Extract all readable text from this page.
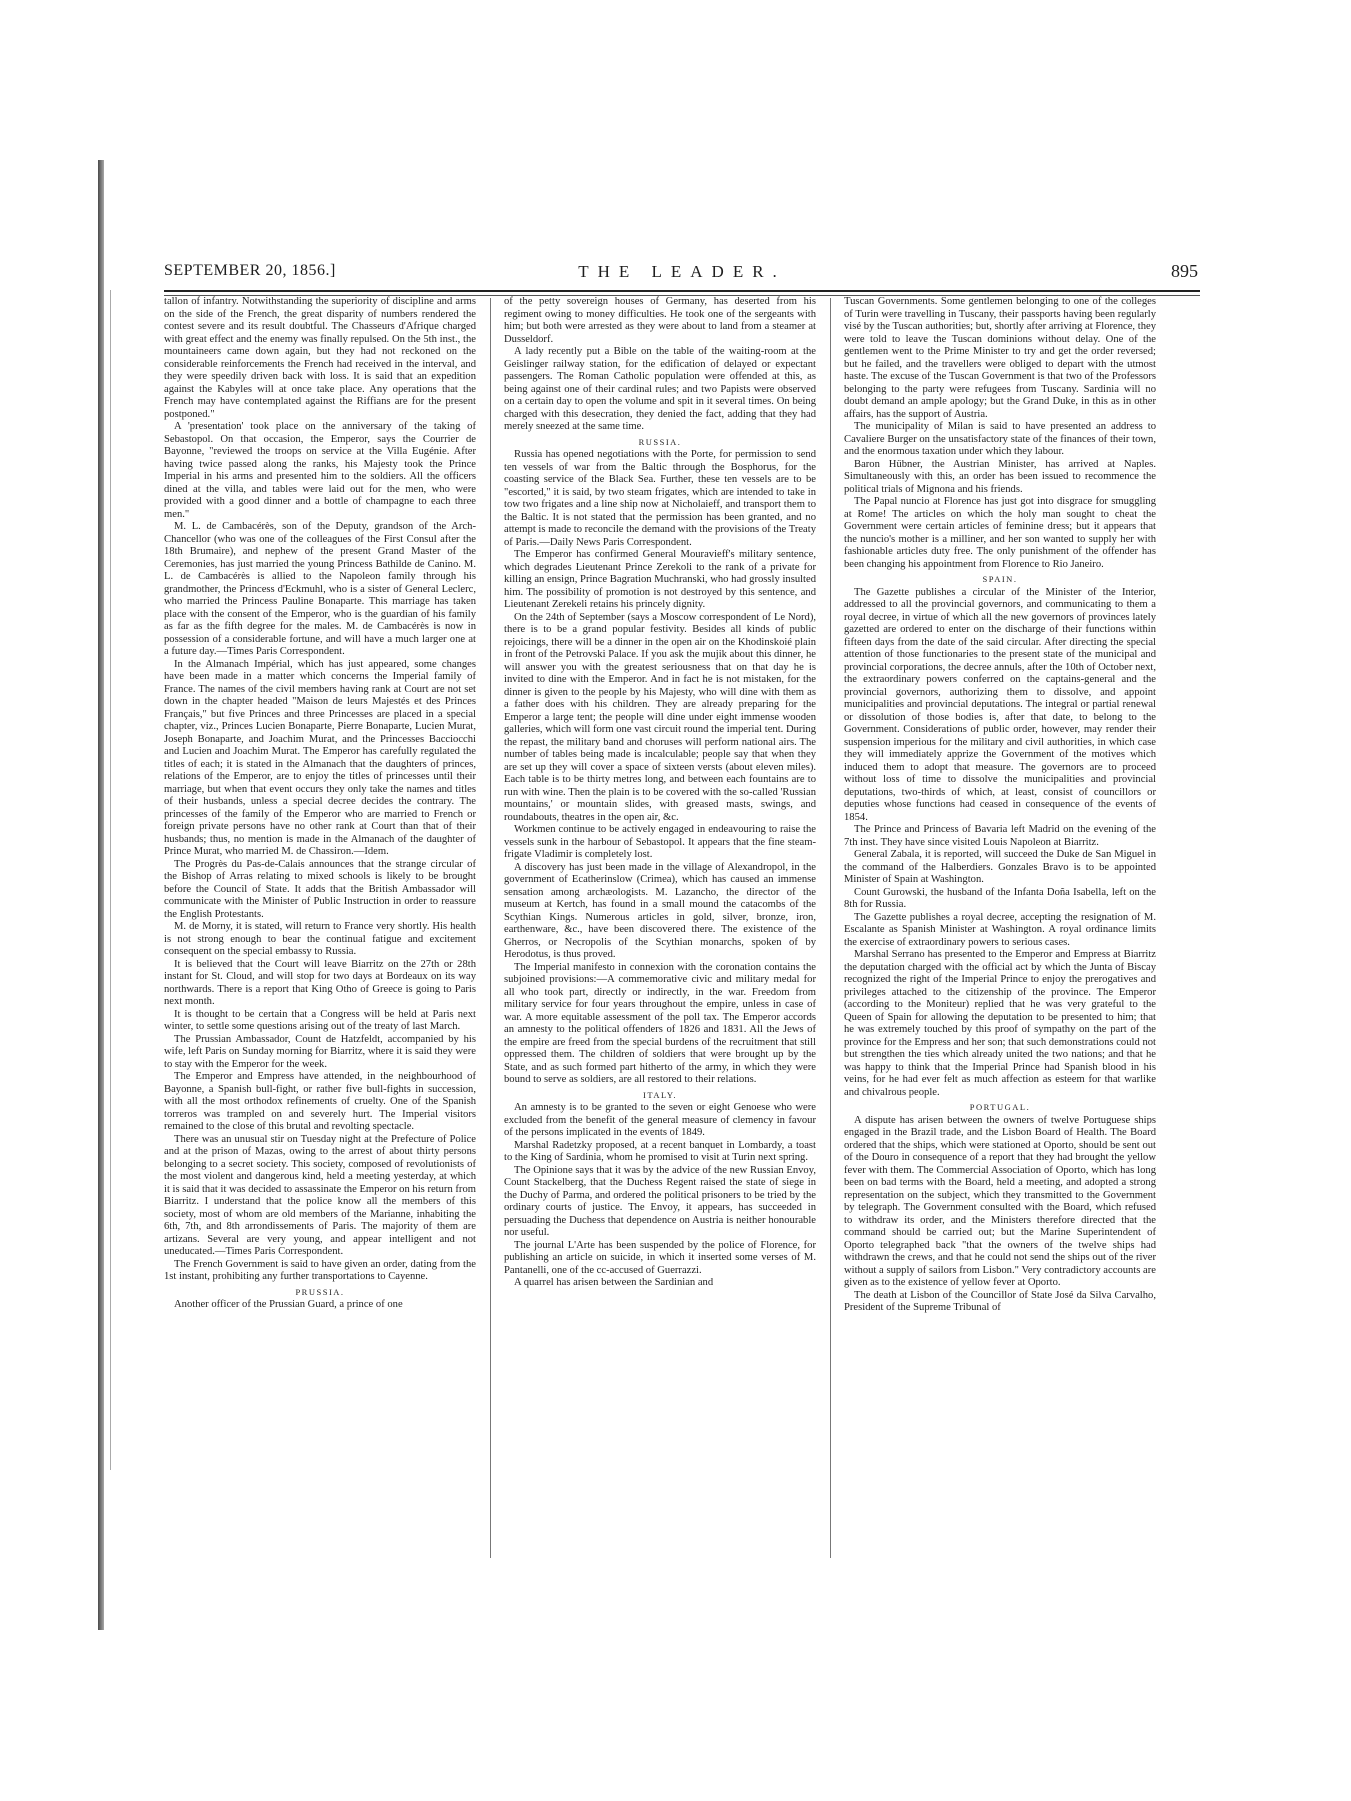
SEPTEMBER 20, 1856.]	THE LEADER.	895

tallon of infantry. Notwithstanding the superiority of discipline and arms on the side of the French, the great disparity of numbers rendered the contest severe and its result doubtful. The Chasseurs d'Afrique charged with great effect and the enemy was finally repulsed. On the 5th inst., the mountaineers came down again, but they had not reckoned on the considerable reinforcements the French had received in the interval, and they were speedily driven back with loss. It is said that an expedition against the Kabyles will at once take place. Any operations that the French may have contemplated against the Riffians are for the present postponed."

A 'presentation' took place on the anniversary of the taking of Sebastopol. On that occasion, the Emperor, says the Courrier de Bayonne, "reviewed the troops on service at the Villa Eugénie. After having twice passed along the ranks, his Majesty took the Prince Imperial in his arms and presented him to the soldiers. All the officers dined at the villa, and tables were laid out for the men, who were provided with a good dinner and a bottle of champagne to each three men."

M. L. de Cambacérès, son of the Deputy, grandson of the Arch-Chancellor (who was one of the colleagues of the First Consul after the 18th Brumaire), and nephew of the present Grand Master of the Ceremonies, has just married the young Princess Bathilde de Canino. M. L. de Cambacérès is allied to the Napoleon family through his grandmother, the Princess d'Eckmuhl, who is a sister of General Leclerc, who married the Princess Pauline Bonaparte. This marriage has taken place with the consent of the Emperor, who is the guardian of his family as far as the fifth degree for the males. M. de Cambacérès is now in possession of a considerable fortune, and will have a much larger one at a future day.—Times Paris Correspondent.

In the Almanach Impérial, which has just appeared, some changes have been made in a matter which concerns the Imperial family of France. The names of the civil members having rank at Court are not set down in the chapter headed "Maison de leurs Majestés et des Princes Français," but five Princes and three Princesses are placed in a special chapter, viz., Princes Lucien Bonaparte, Pierre Bonaparte, Lucien Murat, Joseph Bonaparte, and Joachim Murat, and the Princesses Bacciocchi and Lucien and Joachim Murat. The Emperor has carefully regulated the titles of each; it is stated in the Almanach that the daughters of princes, relations of the Emperor, are to enjoy the titles of princesses until their marriage, but when that event occurs they only take the names and titles of their husbands, unless a special decree decides the contrary. The princesses of the family of the Emperor who are married to French or foreign private persons have no other rank at Court than that of their husbands; thus, no mention is made in the Almanach of the daughter of Prince Murat, who married M. de Chassiron.—Idem.

The Progrès du Pas-de-Calais announces that the strange circular of the Bishop of Arras relating to mixed schools is likely to be brought before the Council of State. It adds that the British Ambassador will communicate with the Minister of Public Instruction in order to reassure the English Protestants.

M. de Morny, it is stated, will return to France very shortly. His health is not strong enough to bear the continual fatigue and excitement consequent on the special embassy to Russia.

It is believed that the Court will leave Biarritz on the 27th or 28th instant for St. Cloud, and will stop for two days at Bordeaux on its way northwards. There is a report that King Otho of Greece is going to Paris next month.

It is thought to be certain that a Congress will be held at Paris next winter, to settle some questions arising out of the treaty of last March.

The Prussian Ambassador, Count de Hatzfeldt, accompanied by his wife, left Paris on Sunday morning for Biarritz, where it is said they were to stay with the Emperor for the week.

The Emperor and Empress have attended, in the neighbourhood of Bayonne, a Spanish bull-fight, or rather five bull-fights in succession, with all the most orthodox refinements of cruelty. One of the Spanish torreros was trampled on and severely hurt. The Imperial visitors remained to the close of this brutal and revolting spectacle.

There was an unusual stir on Tuesday night at the Prefecture of Police and at the prison of Mazas, owing to the arrest of about thirty persons belonging to a secret society. This society, composed of revolutionists of the most violent and dangerous kind, held a meeting yesterday, at which it is said that it was decided to assassinate the Emperor on his return from Biarritz. I understand that the police know all the members of this society, most of whom are old members of the Marianne, inhabiting the 6th, 7th, and 8th arrondissements of Paris. The majority of them are artizans. Several are very young, and appear intelligent and not uneducated.—Times Paris Correspondent.

The French Government is said to have given an order, dating from the 1st instant, prohibiting any further transportations to Cayenne.

PRUSSIA.

Another officer of the Prussian Guard, a prince of one

of the petty sovereign houses of Germany, has deserted from his regiment owing to money difficulties. He took one of the sergeants with him; but both were arrested as they were about to land from a steamer at Dusseldorf.

A lady recently put a Bible on the table of the waiting-room at the Geislinger railway station, for the edification of delayed or expectant passengers. The Roman Catholic population were offended at this, as being against one of their cardinal rules; and two Papists were observed on a certain day to open the volume and spit in it several times. On being charged with this desecration, they denied the fact, adding that they had merely sneezed at the same time.

RUSSIA.

Russia has opened negotiations with the Porte, for permission to send ten vessels of war from the Baltic through the Bosphorus, for the coasting service of the Black Sea. Further, these ten vessels are to be "escorted," it is said, by two steam frigates, which are intended to take in tow two frigates and a line ship now at Nicholaieff, and transport them to the Baltic. It is not stated that the permission has been granted, and no attempt is made to reconcile the demand with the provisions of the Treaty of Paris.—Daily News Paris Correspondent.

The Emperor has confirmed General Mouravieff's military sentence, which degrades Lieutenant Prince Zerekoli to the rank of a private for killing an ensign, Prince Bagration Muchranski, who had grossly insulted him. The possibility of promotion is not destroyed by this sentence, and Lieutenant Zerekeli retains his princely dignity.

On the 24th of September (says a Moscow correspondent of Le Nord), there is to be a grand popular festivity. Besides all kinds of public rejoicings, there will be a dinner in the open air on the Khodinskoié plain in front of the Petrovski Palace. If you ask the mujik about this dinner, he will answer you with the greatest seriousness that on that day he is invited to dine with the Emperor. And in fact he is not mistaken, for the dinner is given to the people by his Majesty, who will dine with them as a father does with his children. They are already preparing for the Emperor a large tent; the people will dine under eight immense wooden galleries, which will form one vast circuit round the imperial tent. During the repast, the military band and choruses will perform national airs. The number of tables being made is incalculable; people say that when they are set up they will cover a space of sixteen versts (about eleven miles). Each table is to be thirty metres long, and between each fountains are to run with wine. Then the plain is to be covered with the so-called 'Russian mountains,' or mountain slides, with greased masts, swings, and roundabouts, theatres in the open air, &c.

Workmen continue to be actively engaged in endeavouring to raise the vessels sunk in the harbour of Sebastopol. It appears that the fine steam-frigate Vladimir is completely lost.

A discovery has just been made in the village of Alexandropol, in the government of Ecatherinslow (Crimea), which has caused an immense sensation among archæologists. M. Lazancho, the director of the museum at Kertch, has found in a small mound the catacombs of the Scythian Kings. Numerous articles in gold, silver, bronze, iron, earthenware, &c., have been discovered there. The existence of the Gherros, or Necropolis of the Scythian monarchs, spoken of by Herodotus, is thus proved.

The Imperial manifesto in connexion with the coronation contains the subjoined provisions:—A commemorative civic and military medal for all who took part, directly or indirectly, in the war. Freedom from military service for four years throughout the empire, unless in case of war. A more equitable assessment of the poll tax. The Emperor accords an amnesty to the political offenders of 1826 and 1831. All the Jews of the empire are freed from the special burdens of the recruitment that still oppressed them. The children of soldiers that were brought up by the State, and as such formed part hitherto of the army, in which they were bound to serve as soldiers, are all restored to their relations.

ITALY.

An amnesty is to be granted to the seven or eight Genoese who were excluded from the benefit of the general measure of clemency in favour of the persons implicated in the events of 1849.

Marshal Radetzky proposed, at a recent banquet in Lombardy, a toast to the King of Sardinia, whom he promised to visit at Turin next spring.

The Opinione says that it was by the advice of the new Russian Envoy, Count Stackelberg, that the Duchess Regent raised the state of siege in the Duchy of Parma, and ordered the political prisoners to be tried by the ordinary courts of justice. The Envoy, it appears, has succeeded in persuading the Duchess that dependence on Austria is neither honourable nor useful.

The journal L'Arte has been suspended by the police of Florence, for publishing an article on suicide, in which it inserted some verses of M. Pantanelli, one of the cc-accused of Guerrazzi.

A quarrel has arisen between the Sardinian and

Tuscan Governments. Some gentlemen belonging to one of the colleges of Turin were travelling in Tuscany, their passports having been regularly visé by the Tuscan authorities; but, shortly after arriving at Florence, they were told to leave the Tuscan dominions without delay. One of the gentlemen went to the Prime Minister to try and get the order reversed; but he failed, and the travellers were obliged to depart with the utmost haste. The excuse of the Tuscan Government is that two of the Professors belonging to the party were refugees from Tuscany. Sardinia will no doubt demand an ample apology; but the Grand Duke, in this as in other affairs, has the support of Austria.

The municipality of Milan is said to have presented an address to Cavaliere Burger on the unsatisfactory state of the finances of their town, and the enormous taxation under which they labour.

Baron Hübner, the Austrian Minister, has arrived at Naples. Simultaneously with this, an order has been issued to recommence the political trials of Mignona and his friends.

The Papal nuncio at Florence has just got into disgrace for smuggling at Rome! The articles on which the holy man sought to cheat the Government were certain articles of feminine dress; but it appears that the nuncio's mother is a milliner, and her son wanted to supply her with fashionable articles duty free. The only punishment of the offender has been changing his appointment from Florence to Rio Janeiro.

SPAIN.

The Gazette publishes a circular of the Minister of the Interior, addressed to all the provincial governors, and communicating to them a royal decree, in virtue of which all the new governors of provinces lately gazetted are ordered to enter on the discharge of their functions within fifteen days from the date of the said circular. After directing the special attention of those functionaries to the present state of the municipal and provincial corporations, the decree annuls, after the 10th of October next, the extraordinary powers conferred on the captains-general and the provincial governors, authorizing them to dissolve, and appoint municipalities and provincial deputations. The integral or partial renewal or dissolution of those bodies is, after that date, to belong to the Government. Considerations of public order, however, may render their suspension imperious for the military and civil authorities, in which case they will immediately apprize the Government of the motives which induced them to adopt that measure. The governors are to proceed without loss of time to dissolve the municipalities and provincial deputations, two-thirds of which, at least, consist of councillors or deputies whose functions had ceased in consequence of the events of 1854.

The Prince and Princess of Bavaria left Madrid on the evening of the 7th inst. They have since visited Louis Napoleon at Biarritz.

General Zabala, it is reported, will succeed the Duke de San Miguel in the command of the Halberdiers. Gonzales Bravo is to be appointed Minister of Spain at Washington.

Count Gurowski, the husband of the Infanta Doña Isabella, left on the 8th for Russia.

The Gazette publishes a royal decree, accepting the resignation of M. Escalante as Spanish Minister at Washington. A royal ordinance limits the exercise of extraordinary powers to serious cases.

Marshal Serrano has presented to the Emperor and Empress at Biarritz the deputation charged with the official act by which the Junta of Biscay recognized the right of the Imperial Prince to enjoy the prerogatives and privileges attached to the citizenship of the province. The Emperor (according to the Moniteur) replied that he was very grateful to the Queen of Spain for allowing the deputation to be presented to him; that he was extremely touched by this proof of sympathy on the part of the province for the Empress and her son; that such demonstrations could not but strengthen the ties which already united the two nations; and that he was happy to think that the Imperial Prince had Spanish blood in his veins, for he had ever felt as much affection as esteem for that warlike and chivalrous people.

PORTUGAL.

A dispute has arisen between the owners of twelve Portuguese ships engaged in the Brazil trade, and the Lisbon Board of Health. The Board ordered that the ships, which were stationed at Oporto, should be sent out of the Douro in consequence of a report that they had brought the yellow fever with them. The Commercial Association of Oporto, which has long been on bad terms with the Board, held a meeting, and adopted a strong representation on the subject, which they transmitted to the Government by telegraph. The Government consulted with the Board, which refused to withdraw its order, and the Ministers therefore directed that the command should be carried out; but the Marine Superintendent of Oporto telegraphed back "that the owners of the twelve ships had withdrawn the crews, and that he could not send the ships out of the river without a supply of sailors from Lisbon." Very contradictory accounts are given as to the existence of yellow fever at Oporto.

The death at Lisbon of the Councillor of State José da Silva Carvalho, President of the Supreme Tribunal of
